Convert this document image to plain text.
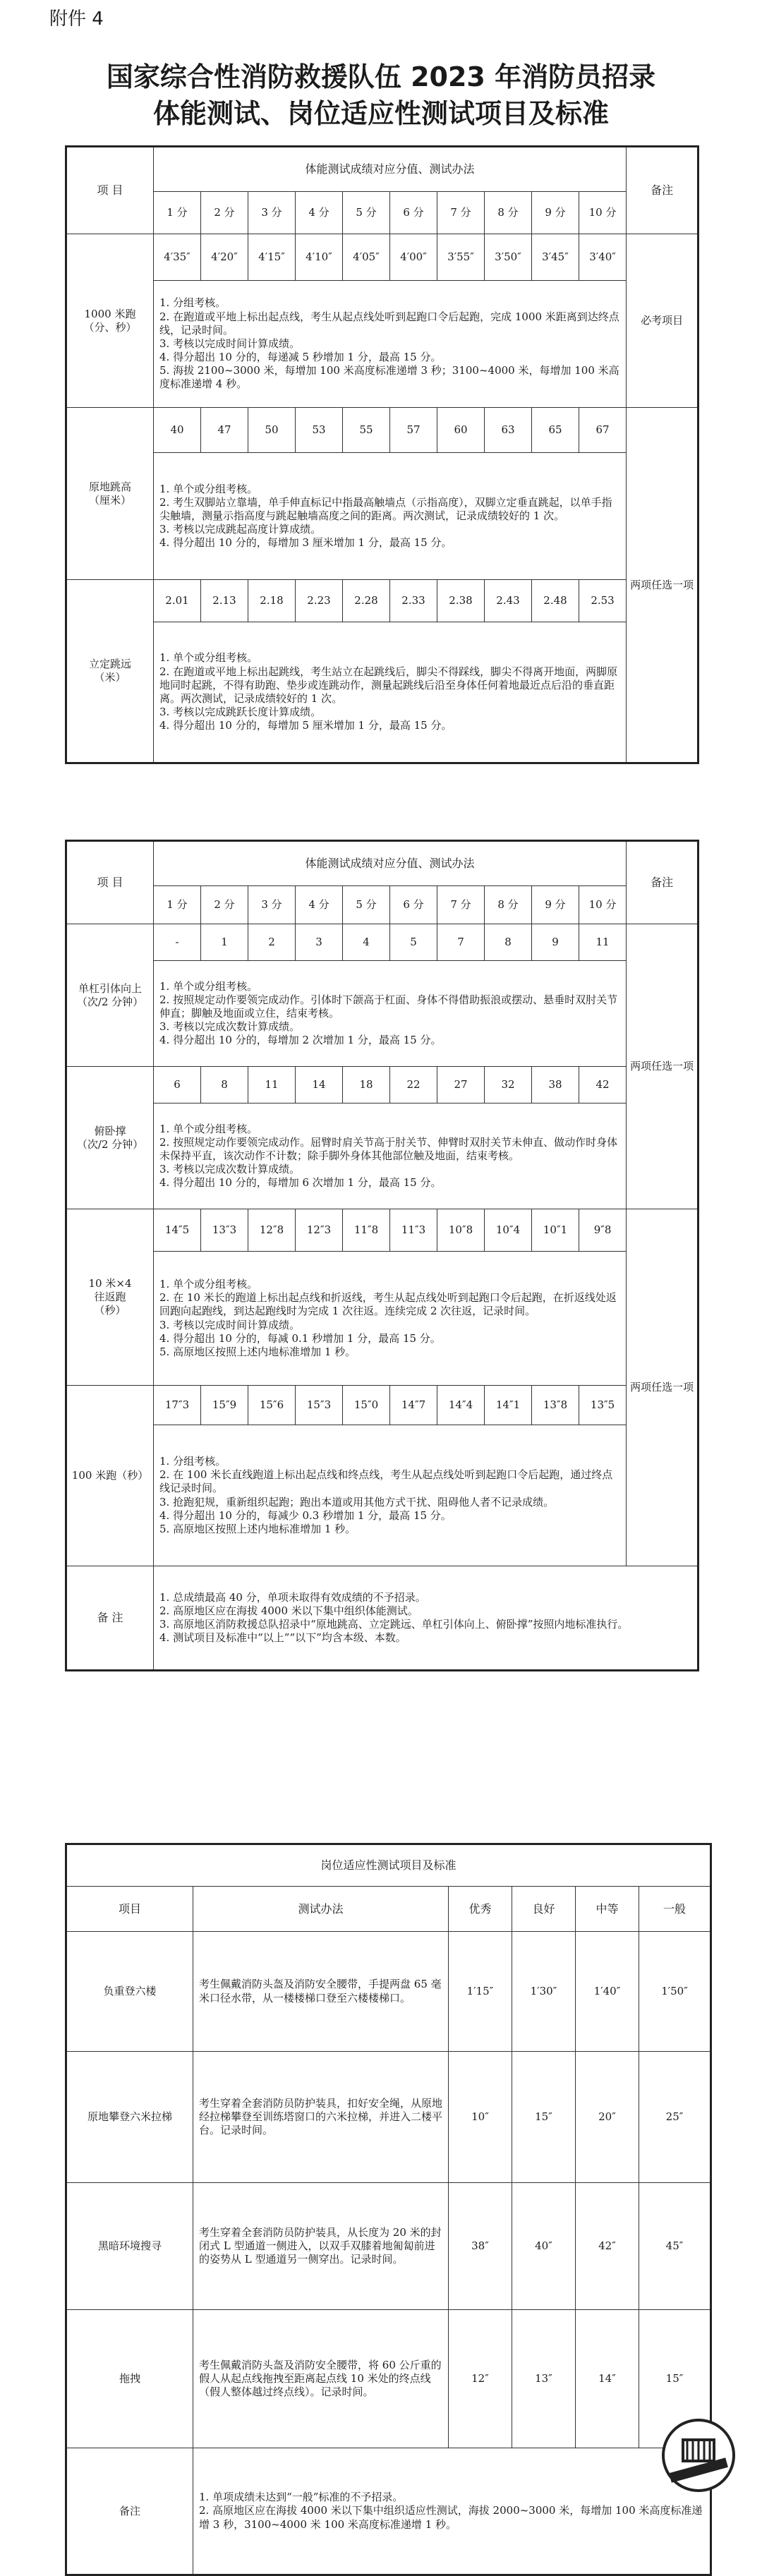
附件 4
国家综合性消防救援队伍 2023 年消防员招录
体能测试、岗位适应性测试项目及标准
项 目	体能测试成绩对应分值、测试办法										备注
	1 分	2 分	3 分	4 分	5 分	6 分	7 分	8 分	9 分	10 分	
1000 米跑
（分、秒）	4′35″	4′20″	4′15″	4′10″	4′05″	4′00″	3′55″	3′50″	3′45″	3′40″	必考项目

	1. 分组考核。
2. 在跑道或平地上标出起点线，考生从起点线处听到起跑口令后起跑，完成 1000 米距离到达终点线，记录时间。
3. 考核以完成时间计算成绩。
4. 得分超出 10 分的，每递减 5 秒增加 1 分，最高 15 分。
5. 海拔 2100~3000 米，每增加 100 米高度标准递增 3 秒；3100~4000 米，每增加 100 米高度标准递增 4 秒。										

原地跳高
（厘米）	40	47	50	53	55	57	60	63	65	67	两项任选一项

	1. 单个或分组考核。
2. 考生双脚站立靠墙，单手伸直标记中指最高触墙点（示指高度），双脚立定垂直跳起，以单手指尖触墙，测量示指高度与跳起触墙高度之间的距离。两次测试，记录成绩较好的 1 次。
3. 考核以完成跳起高度计算成绩。
4. 得分超出 10 分的，每增加 3 厘米增加 1 分，最高 15 分。										

立定跳远
（米）	2.01	2.13	2.18	2.23	2.28	2.33	2.38	2.43	2.48	2.53	

	1. 单个或分组考核。
2. 在跑道或平地上标出起跳线，考生站立在起跳线后，脚尖不得踩线，脚尖不得离开地面，两脚原地同时起跳，不得有助跑、垫步或连跳动作，测量起跳线后沿至身体任何着地最近点后沿的垂直距离。两次测试，记录成绩较好的 1 次。
3. 考核以完成跳跃长度计算成绩。
4. 得分超出 10 分的，每增加 5 厘米增加 1 分，最高 15 分。										
项 目	体能测试成绩对应分值、测试办法										备注
	1 分	2 分	3 分	4 分	5 分	6 分	7 分	8 分	9 分	10 分	
单杠引体向上
（次/2 分钟）	-	1	2	3	4	5	7	8	9	11	两项任选一项

	1. 单个或分组考核。
2. 按照规定动作要领完成动作。引体时下颌高于杠面、身体不得借助振浪或摆动、悬垂时双肘关节伸直；脚触及地面或立住，结束考核。
3. 考核以完成次数计算成绩。
4. 得分超出 10 分的，每增加 2 次增加 1 分，最高 15 分。										

俯卧撑
（次/2 分钟）	6	8	11	14	18	22	27	32	38	42	

	1. 单个或分组考核。
2. 按照规定动作要领完成动作。屈臂时肩关节高于肘关节、伸臂时双肘关节未伸直、做动作时身体未保持平直，该次动作不计数；除手脚外身体其他部位触及地面，结束考核。
3. 考核以完成次数计算成绩。
4. 得分超出 10 分的，每增加 6 次增加 1 分，最高 15 分。										

10 米×4
往返跑
（秒）	14″5	13″3	12″8	12″3	11″8	11″3	10″8	10″4	10″1	9″8	两项任选一项

	1. 单个或分组考核。
2. 在 10 米长的跑道上标出起点线和折返线，考生从起点线处听到起跑口令后起跑，在折返线处返回跑向起跑线，到达起跑线时为完成 1 次往返。连续完成 2 次往返，记录时间。
3. 考核以完成时间计算成绩。
4. 得分超出 10 分的，每减 0.1 秒增加 1 分，最高 15 分。
5. 高原地区按照上述内地标准增加 1 秒。										

100 米跑（秒）	17″3	15″9	15″6	15″3	15″0	14″7	14″4	14″1	13″8	13″5	

	1. 分组考核。
2. 在 100 米长直线跑道上标出起点线和终点线，考生从起点线处听到起跑口令后起跑，通过终点线记录时间。
3. 抢跑犯规，重新组织起跑；跑出本道或用其他方式干扰、阻碍他人者不记录成绩。
4. 得分超出 10 分的，每减少 0.3 秒增加 1 分，最高 15 分。
5. 高原地区按照上述内地标准增加 1 秒。										

备 注	1. 总成绩最高 40 分，单项未取得有效成绩的不予招录。
2. 高原地区应在海拔 4000 米以下集中组织体能测试。
3. 高原地区消防救援总队招录中“原地跳高、立定跳远、单杠引体向上、俯卧撑”按照内地标准执行。
4. 测试项目及标准中“以上”“以下”均含本级、本数。										
岗位适应性测试项目及标准					
项目	测试办法	优秀	良好	中等	一般
负重登六楼	考生佩戴消防头盔及消防安全腰带，手提两盘 65 毫米口径水带，从一楼楼梯口登至六楼楼梯口。	1′15″	1′30″	1′40″	1′50″
原地攀登六米拉梯	考生穿着全套消防员防护装具，扣好安全绳，从原地经拉梯攀登至训练塔窗口的六米拉梯，并进入二楼平台。记录时间。	10″	15″	20″	25″
黑暗环境搜寻	考生穿着全套消防员防护装具，从长度为 20 米的封闭式 L 型通道一侧进入，以双手双膝着地匍匐前进的姿势从 L 型通道另一侧穿出。记录时间。	38″	40″	42″	45″
拖拽	考生佩戴消防头盔及消防安全腰带，将 60 公斤重的假人从起点线拖拽至距离起点线 10 米处的终点线（假人整体越过终点线）。记录时间。	12″	13″	14″	15″
备注	1. 单项成绩未达到“一般”标准的不予招录。
2. 高原地区应在海拔 4000 米以下集中组织适应性测试，海拔 2000~3000 米，每增加 100 米高度标准递增 3 秒，3100~4000 米 100 米高度标准递增 1 秒。				
